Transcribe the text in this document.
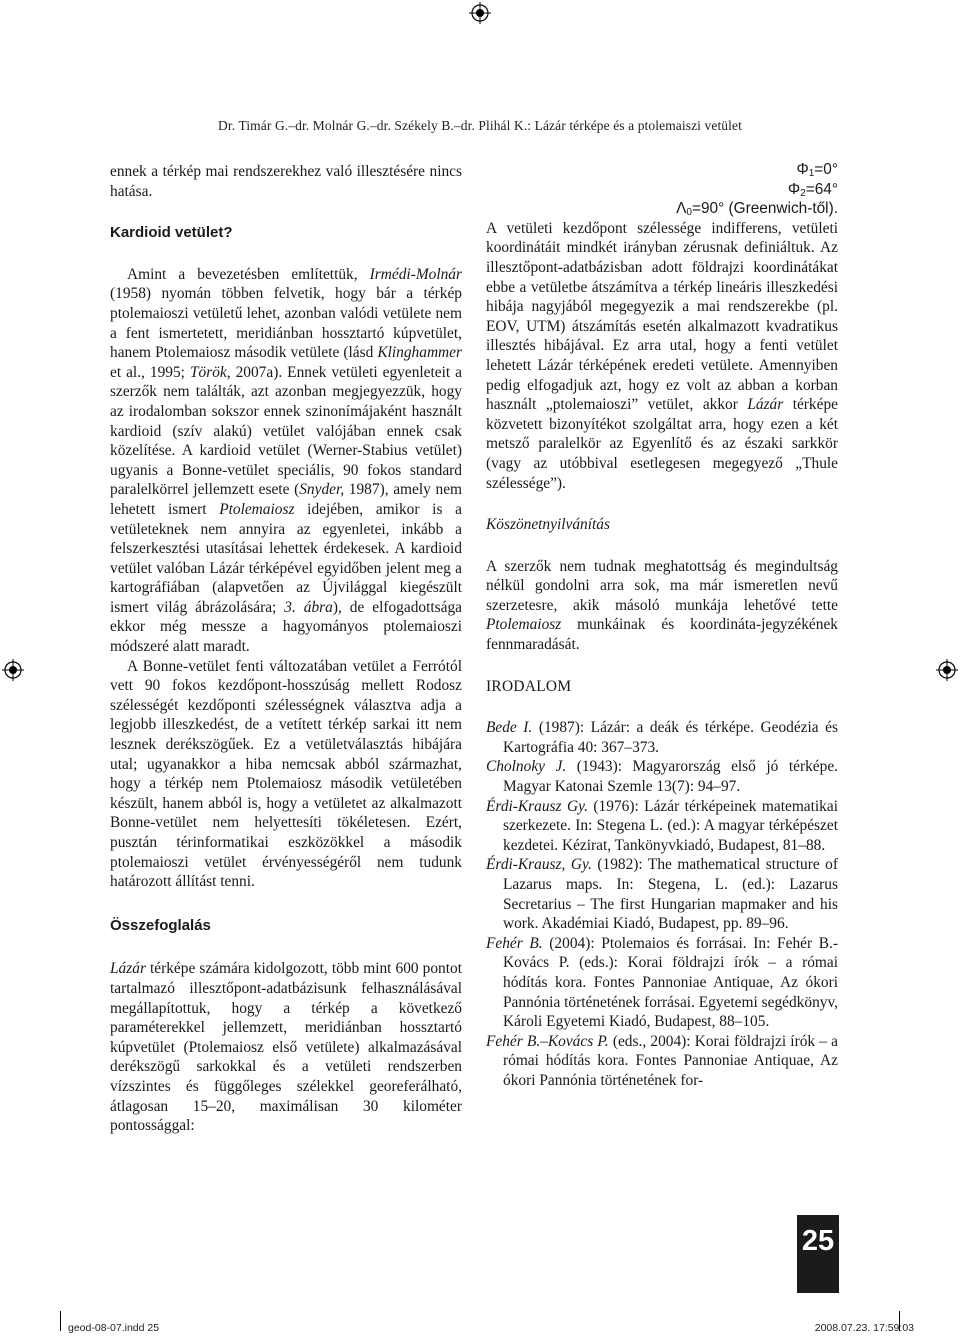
Dr. Timár G.–dr. Molnár G.–dr. Székely B.–dr. Plihál K.: Lázár térképe és a ptolemaiszi vetület

ennek a térkép mai rendszerekhez való illesztésére nincs hatása.

Kardioid vetület?

Amint a bevezetésben említettük, Irmédi-Molnár (1958) nyomán többen felvetik, hogy bár a térkép ptolemaioszi vetületű lehet, azonban valódi vetülete nem a fent ismertetett, meridiánban hossztartó kúpvetület, hanem Ptolemaiosz második vetülete (lásd Klinghammer et al., 1995; Török, 2007a). Ennek vetületi egyenleteit a szerzők nem találták, azt azonban megjegyezzük, hogy az irodalomban sokszor ennek szinonímájaként használt kardioid (szív alakú) vetület valójában ennek csak közelítése. A kardioid vetület (Werner-Stabius vetület) ugyanis a Bonne-vetület speciális, 90 fokos standard paralelkörrel jellemzett esete (Snyder, 1987), amely nem lehetett ismert Ptolemaiosz idejében, amikor is a vetületeknek nem annyira az egyenletei, inkább a felszerkesztési utasításai lehettek érdekesek. A kardioid vetület valóban Lázár térképével egyidőben jelent meg a kartográfiában (alapvetően az Újvilággal kiegészült ismert világ ábrázolására; 3. ábra), de elfogadottsága ekkor még messze a hagyományos ptolemaioszi módszeré alatt maradt.

A Bonne-vetület fenti változatában vetület a Ferrótól vett 90 fokos kezdőpont-hosszúság mellett Rodosz szélességét kezdőponti szélességnek választva adja a legjobb illeszkedést, de a vetített térkép sarkai itt nem lesznek derékszögűek. Ez a vetületválasztás hibájára utal; ugyanakkor a hiba nemcsak abból származhat, hogy a térkép nem Ptolemaiosz második vetületében készült, hanem abból is, hogy a vetületet az alkalmazott Bonne-vetület nem helyettesíti tökéletesen. Ezért, pusztán térinformatikai eszközökkel a második ptolemaioszi vetület érvényességéről nem tudunk határozott állítást tenni.

Összefoglalás

Lázár térképe számára kidolgozott, több mint 600 pontot tartalmazó illesztőpont-adatbázisunk felhasználásával megállapítottuk, hogy a térkép a következő paraméterekkel jellemzett, meridiánban hossztartó kúpvetület (Ptolemaiosz első vetülete) alkalmazásával derékszögű sarkokkal és a vetületi rendszerben vízszintes és függőleges szélekkel georeferálható, átlagosan 15–20, maximálisan 30 kilométer pontossággal:

$\Phi_1=0^\circ$

$\Phi_2=64^\circ$

$\Lambda_0=90^\circ$ (Greenwich-től).

A vetületi kezdőpont szélessége indifferens, vetületi koordinátáit mindkét irányban zérusnak definiáltuk. Az illesztőpont-adatbázisban adott földrajzi koordinátákat ebbe a vetületbe átszámítva a térkép lineáris illeszkedési hibája nagyjából megegyezik a mai rendszerekbe (pl. EOV, UTM) átszámítás esetén alkalmazott kvadratikus illesztés hibájával. Ez arra utal, hogy a fenti vetület lehetett Lázár térképének eredeti vetülete. Amennyiben pedig elfogadjuk azt, hogy ez volt az abban a korban használt „ptolemaioszi” vetület, akkor Lázár térképe közvetett bizonyítékot szolgáltat arra, hogy ezen a két metsző paralelkör az Egyenlítő és az északi sarkkör (vagy az utóbbival esetlegesen megegyező „Thule szélessége”).

Köszönetnyilvánítás

A szerzők nem tudnak meghatottság és megindultság nélkül gondolni arra sok, ma már ismeretlen nevű szerzetesre, akik másoló munkája lehetővé tette Ptolemaiosz munkáinak és koordináta-jegyzékének fennmaradását.

IRODALOM

Bede I. (1987): Lázár: a deák és térképe. Geodézia és Kartográfia 40: 367–373.

Cholnoky J. (1943): Magyarország első jó térképe. Magyar Katonai Szemle 13(7): 94–97.

Érdi-Krausz Gy. (1976): Lázár térképeinek matematikai szerkezete. In: Stegena L. (ed.): A magyar térképészet kezdetei. Kézirat, Tankönyvkiadó, Budapest, 81–88.

Érdi-Krausz, Gy. (1982): The mathematical structure of Lazarus maps. In: Stegena, L. (ed.): Lazarus Secretarius – The first Hungarian mapmaker and his work. Akadémiai Kiadó, Budapest, pp. 89–96.

Fehér B. (2004): Ptolemaios és forrásai. In: Fehér B.-Kovács P. (eds.): Korai földrajzi írók – a római hódítás kora. Fontes Pannoniae Antiquae, Az ókori Pannónia történetének forrásai. Egyetemi segédkönyv, Károli Egyetemi Kiadó, Budapest, 88–105.

Fehér B.–Kovács P. (eds., 2004): Korai földrajzi írók – a római hódítás kora. Fontes Pannoniae Antiquae, Az ókori Pannónia történetének for-

25
geod-08-07.indd 25	2008.07.23. 17:59:03
